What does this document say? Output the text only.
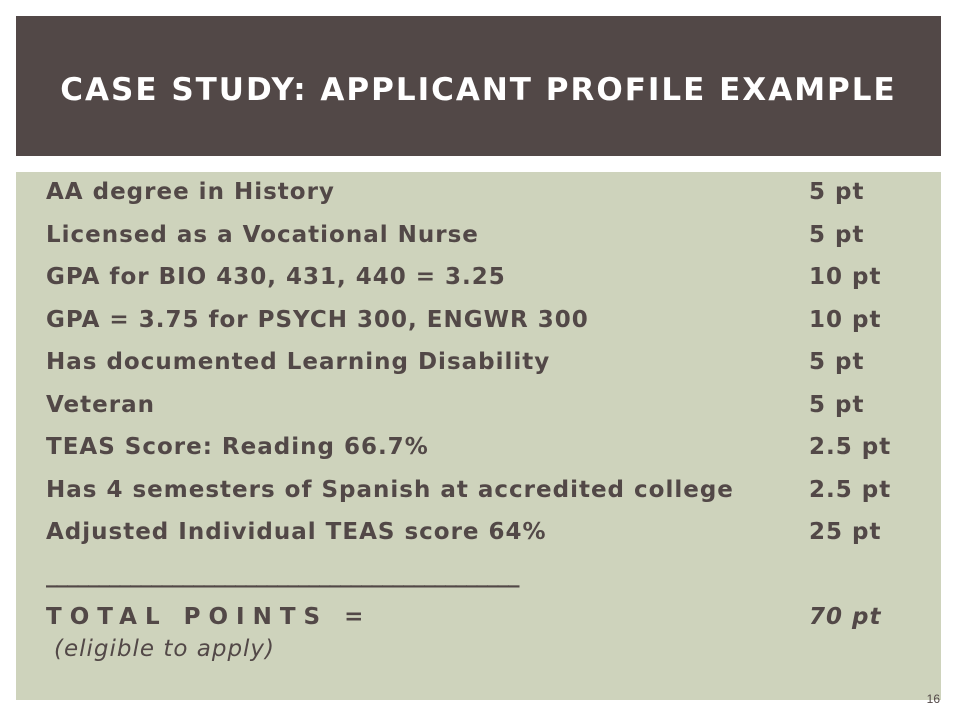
CASE STUDY: APPLICANT PROFILE EXAMPLE
AA degree in History	5 pt
Licensed as a Vocational Nurse	5 pt
GPA for BIO 430, 431, 440 = 3.25	10 pt
GPA = 3.75 for PSYCH 300, ENGWR 300	10 pt
Has documented Learning Disability	5 pt
Veteran	5 pt
TEAS Score: Reading 66.7%	2.5 pt
Has 4 semesters of Spanish at accredited college	2.5 pt
Adjusted Individual TEAS score 64%	25 pt
_____________________________________________
TOTAL POINTS =	70 pt
(eligible to apply)
16
